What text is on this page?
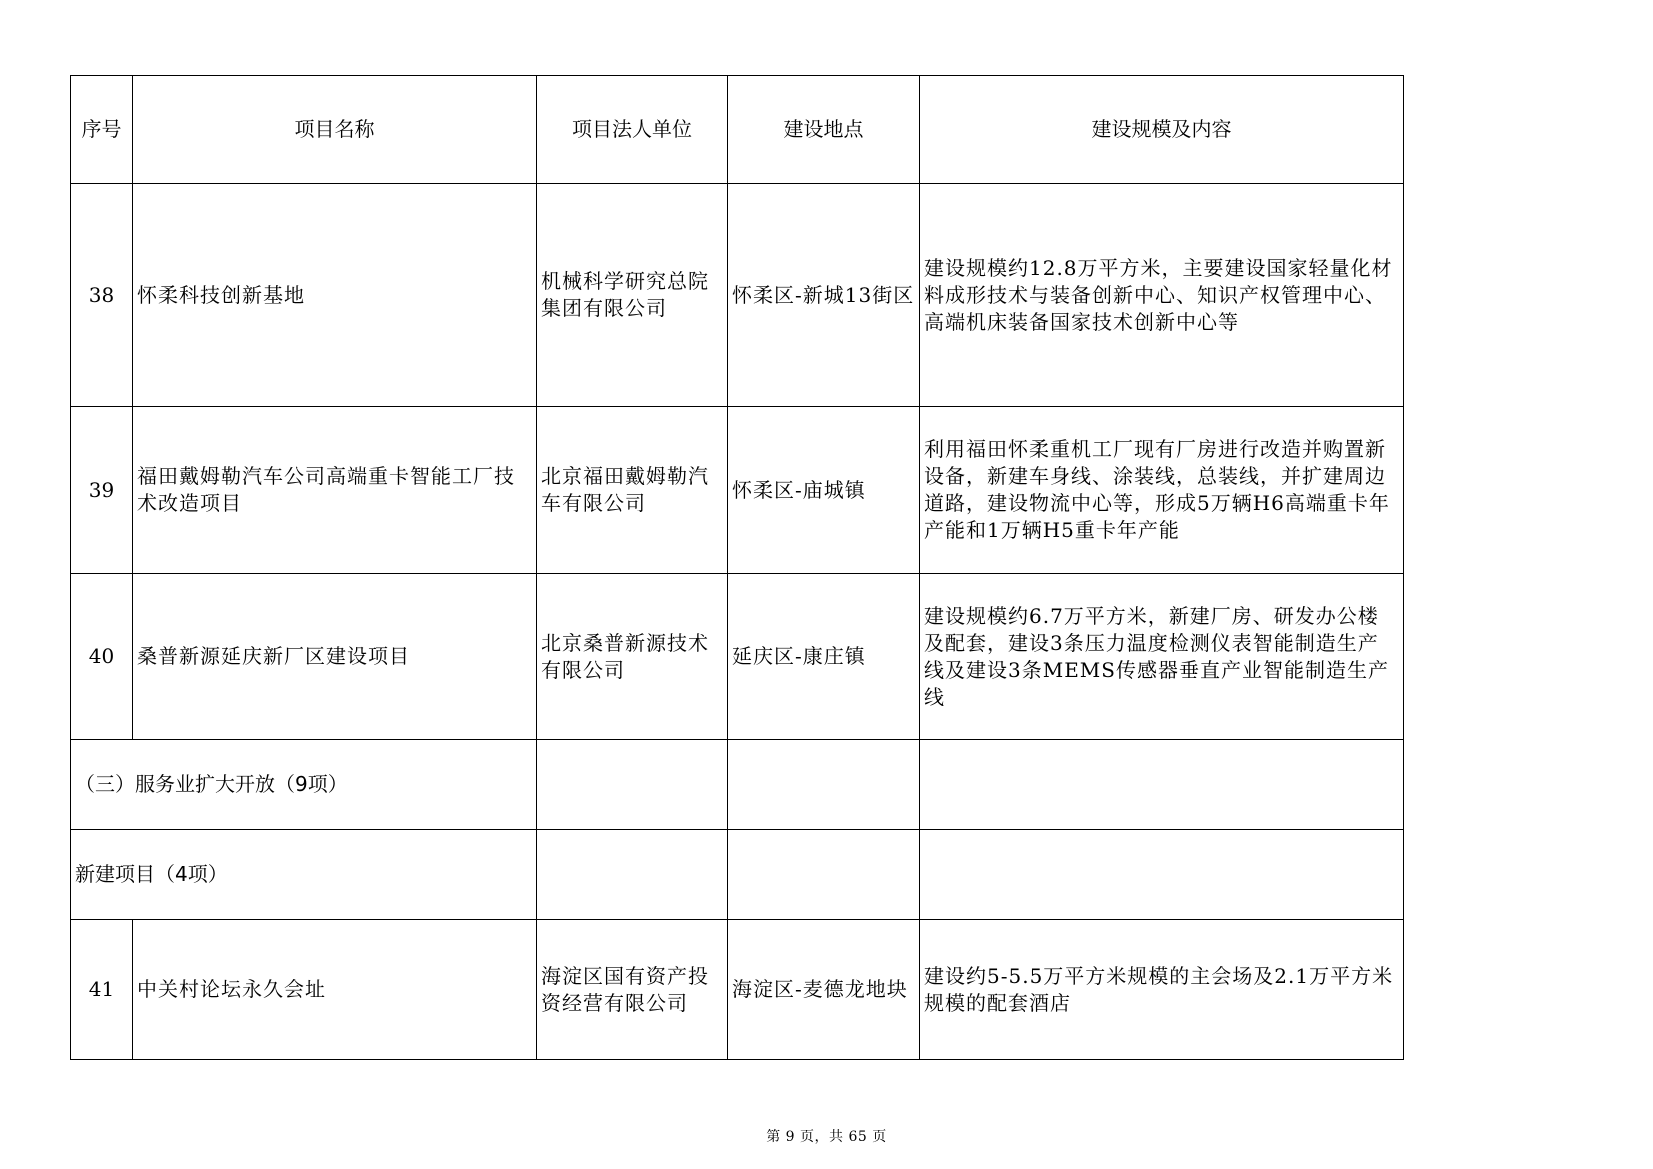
序号	项目名称	项目法人单位	建设地点	建设规模及内容
38	怀柔科技创新基地	机械科学研究总院集团有限公司	怀柔区-新城13街区	建设规模约12.8万平方米，主要建设国家轻量化材料成形技术与装备创新中心、知识产权管理中心、高端机床装备国家技术创新中心等
39	福田戴姆勒汽车公司高端重卡智能工厂技术改造项目	北京福田戴姆勒汽车有限公司	怀柔区-庙城镇	利用福田怀柔重机工厂现有厂房进行改造并购置新设备，新建车身线、涂装线，总装线，并扩建周边道路，建设物流中心等，形成5万辆H6高端重卡年产能和1万辆H5重卡年产能
40	桑普新源延庆新厂区建设项目	北京桑普新源技术有限公司	延庆区-康庄镇	建设规模约6.7万平方米，新建厂房、研发办公楼及配套，建设3条压力温度检测仪表智能制造生产线及建设3条MEMS传感器垂直产业智能制造生产线
（三）服务业扩大开放（9项）				
新建项目（4项）				
41	中关村论坛永久会址	海淀区国有资产投资经营有限公司	海淀区-麦德龙地块	建设约5-5.5万平方米规模的主会场及2.1万平方米规模的配套酒店
第 9 页，共 65 页
